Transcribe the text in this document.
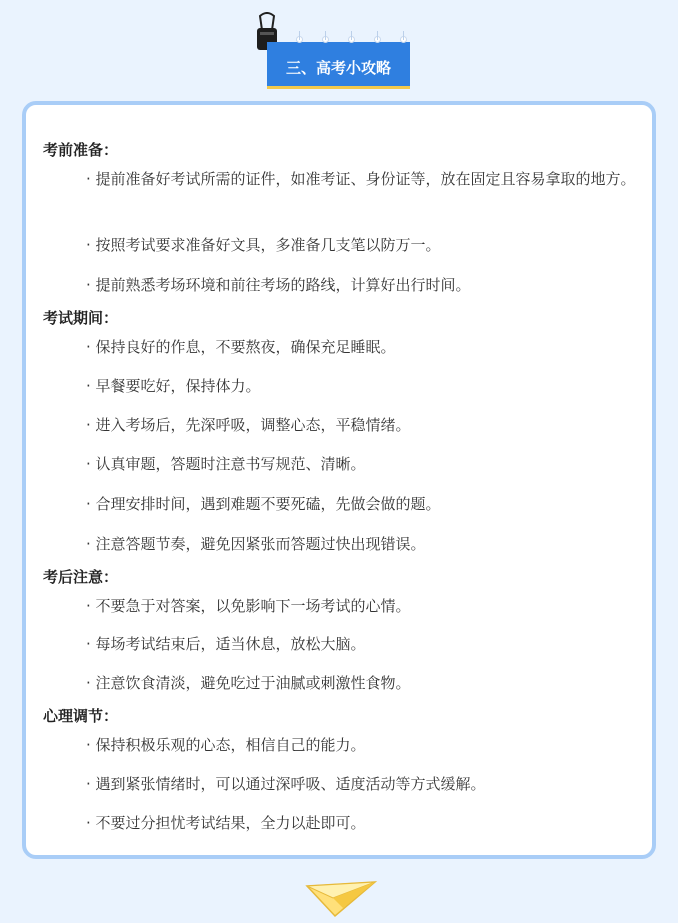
三、高考小攻略
考前准备：
· 提前准备好考试所需的证件，如准考证、身份证等，放在固定且容易拿取的地方。
· 按照考试要求准备好文具，多准备几支笔以防万一。
· 提前熟悉考场环境和前往考场的路线，计算好出行时间。
考试期间：
· 保持良好的作息，不要熬夜，确保充足睡眠。
· 早餐要吃好，保持体力。
· 进入考场后，先深呼吸，调整心态，平稳情绪。
· 认真审题，答题时注意书写规范、清晰。
· 合理安排时间，遇到难题不要死磕，先做会做的题。
· 注意答题节奏，避免因紧张而答题过快出现错误。
考后注意：
· 不要急于对答案，以免影响下一场考试的心情。
· 每场考试结束后，适当休息，放松大脑。
· 注意饮食清淡，避免吃过于油腻或刺激性食物。
心理调节：
· 保持积极乐观的心态，相信自己的能力。
· 遇到紧张情绪时，可以通过深呼吸、适度活动等方式缓解。
· 不要过分担忧考试结果，全力以赴即可。
